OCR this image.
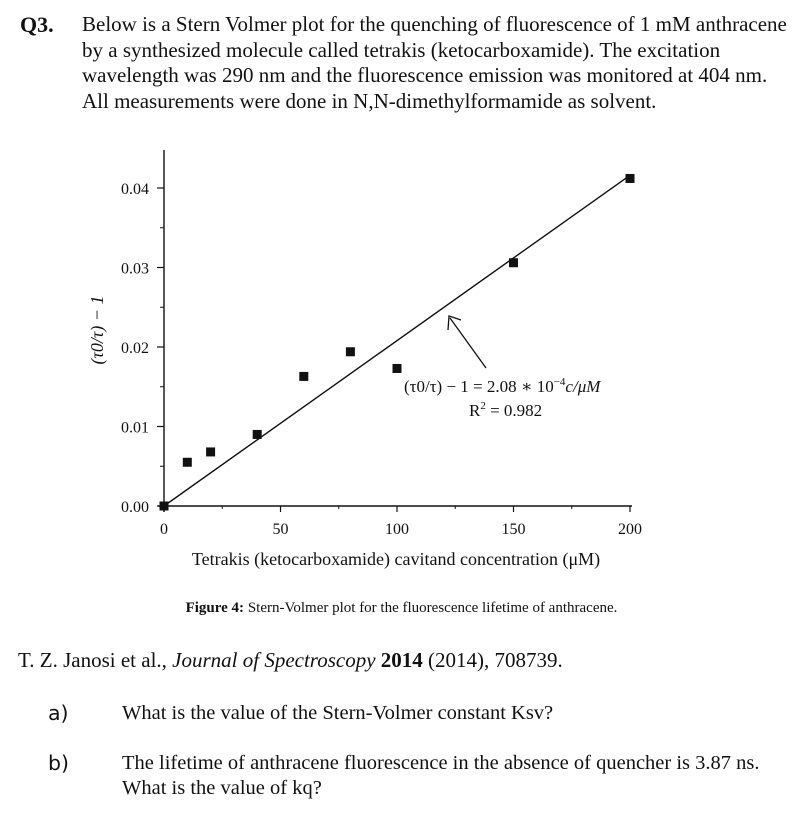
Q3. Below is a Stern Volmer plot for the quenching of fluorescence of 1 mM anthracene by a synthesized molecule called tetrakis (ketocarboxamide). The excitation wavelength was 290 nm and the fluorescence emission was monitored at 404 nm. All measurements were done in N,N-dimethylformamide as solvent.
0.00
0.01
0.02
0.03
0.04
0	50	100	150	200
(τ0/τ) − 1 = 2.08 ∗ $10^{-4}c/\mu M$
$R^2 = 0.982$
Tetrakis (ketocarboxamide) cavitand concentration (μM)
(τ0/τ) − 1
Figure 4: Stern-Volmer plot for the fluorescence lifetime of anthracene.
T. Z. Janosi et al., Journal of Spectroscopy 2014 (2014), 708739.
a)	What is the value of the Stern-Volmer constant Ksv?
b)	The lifetime of anthracene fluorescence in the absence of quencher is 3.87 ns. What is the value of kq?
